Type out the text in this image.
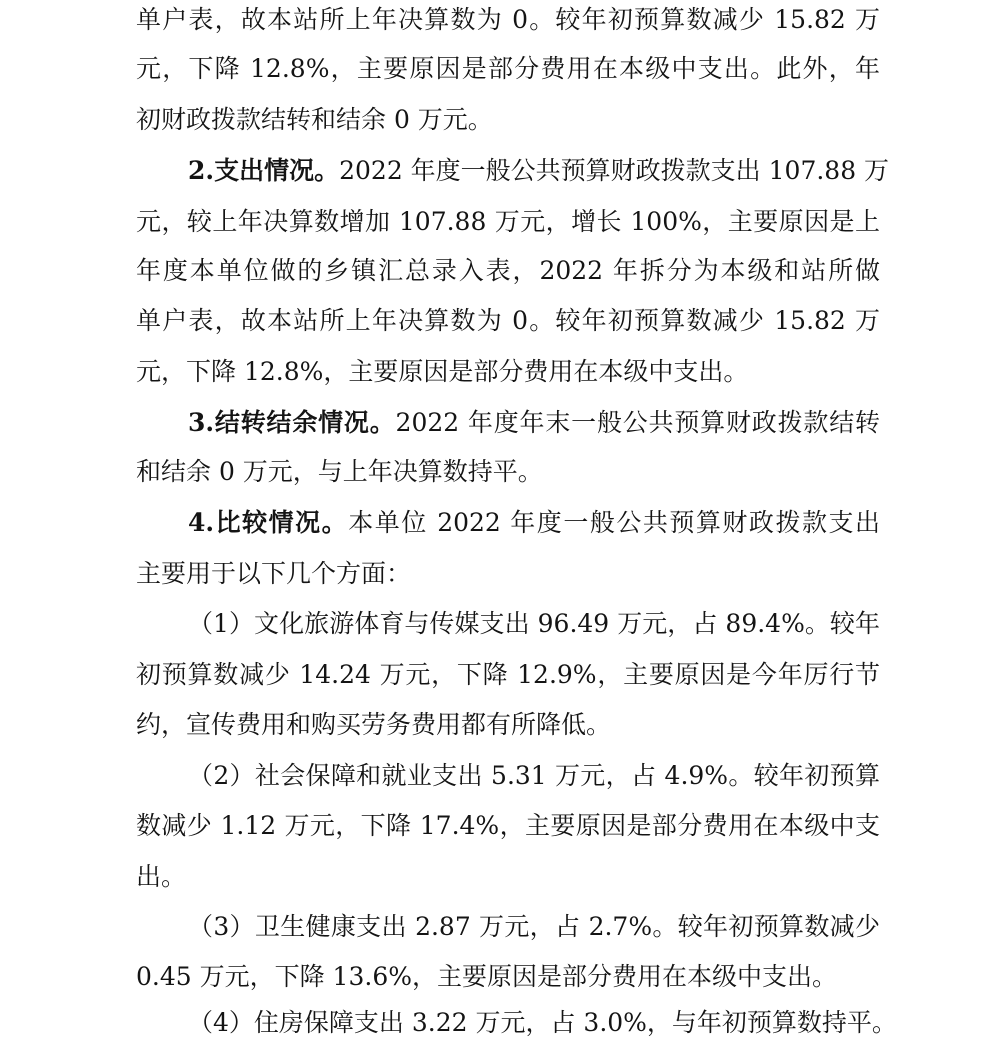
单户表，故本站所上年决算数为 0。较年初预算数减少 15.82 万
元，下降 12.8%，主要原因是部分费用在本级中支出。此外，年
初财政拨款结转和结余 0 万元。
2.支出情况。2022 年度一般公共预算财政拨款支出 107.88 万
元，较上年决算数增加 107.88 万元，增长 100%，主要原因是上
年度本单位做的乡镇汇总录入表，2022 年拆分为本级和站所做
单户表，故本站所上年决算数为 0。较年初预算数减少 15.82 万
元，下降 12.8%，主要原因是部分费用在本级中支出。
3.结转结余情况。2022 年度年末一般公共预算财政拨款结转
和结余 0 万元，与上年决算数持平。
4.比较情况。本单位 2022 年度一般公共预算财政拨款支出
主要用于以下几个方面：
（1）文化旅游体育与传媒支出 96.49 万元，占 89.4%。较年
初预算数减少 14.24 万元，下降 12.9%，主要原因是今年厉行节
约，宣传费用和购买劳务费用都有所降低。
（2）社会保障和就业支出 5.31 万元，占 4.9%。较年初预算
数减少 1.12 万元，下降 17.4%，主要原因是部分费用在本级中支
出。
（3）卫生健康支出 2.87 万元，占 2.7%。较年初预算数减少
0.45 万元，下降 13.6%，主要原因是部分费用在本级中支出。
（4）住房保障支出 3.22 万元，占 3.0%，与年初预算数持平。
